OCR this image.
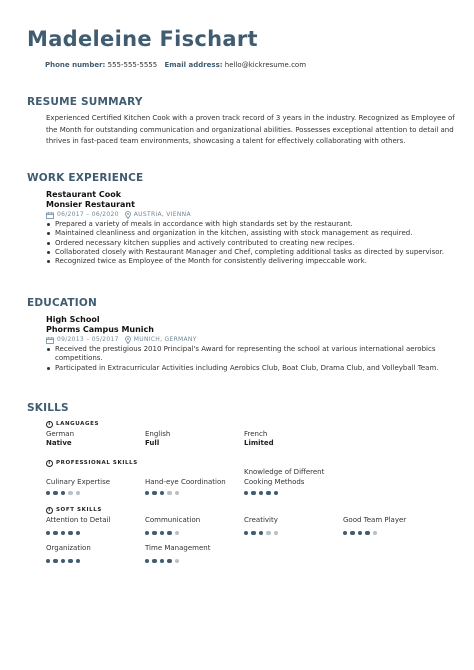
Madeleine Fischart
Phone number: 555-555-5555 Email address: hello@kickresume.com
RESUME SUMMARY
Experienced Certified Kitchen Cook with a proven track record of 3 years in the industry. Recognized as Employee of the Month for outstanding communication and organizational abilities. Possesses exceptional attention to detail and thrives in fast-paced team environments, showcasing a talent for effectively collaborating with others.
WORK EXPERIENCE
Restaurant Cook
Monsier Restaurant
06/2017 – 06/2020	AUSTRIA, VIENNA
Prepared a variety of meals in accordance with high standards set by the restaurant.
Maintained cleanliness and organization in the kitchen, assisting with stock management as required.
Ordered necessary kitchen supplies and actively contributed to creating new recipes.
Collaborated closely with Restaurant Manager and Chef, completing additional tasks as directed by supervisor.
Recognized twice as Employee of the Month for consistently delivering impeccable work.
EDUCATION
High School
Phorms Campus Munich
09/2013 – 05/2017	MUNICH, GERMANY
Received the prestigious 2010 Principal's Award for representing the school at various international aerobics competitions.
Participated in Extracurricular Activities including Aerobics Club, Boat Club, Drama Club, and Volleyball Team.
SKILLS
i LANGUAGES
German
Native
English
Full
French
Limited
i PROFESSIONAL SKILLS
Culinary Expertise	Hand-eye Coordination
Knowledge of Different Cooking Methods
i SOFT SKILLS
Attention to Detail	Communication	Creativity	Good Team Player
Organization	Time Management
